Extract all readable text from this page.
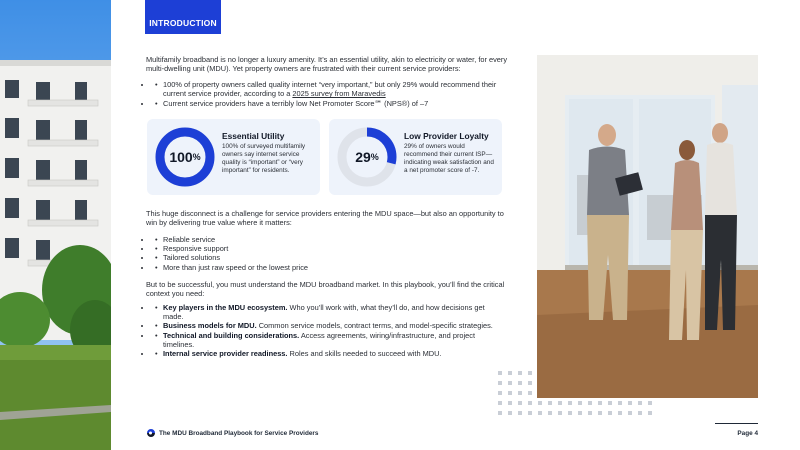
INTRODUCTION
Multifamily broadband is no longer a luxury amenity. It’s an essential utility, akin to electricity or water, for every multi-dwelling unit (MDU). Yet property owners are frustrated with their current service providers:
• • 100% of property owners called quality internet “very important,” but only 29% would recommend their current service provider, according to a 2025 survey from Maravedis
• • Current service providers have a terribly low Net Promoter Score℠ (NPS®) of –7
100 %
Essential Utility
100% of surveyed multifamily owners say internet service quality is “important” or “very important” for residents.
29 %
Low Provider Loyalty
29% of owners would recommend their current ISP—indicating weak satisfaction and a net promoter score of -7.
This huge disconnect is a challenge for service providers entering the MDU space—but also an opportunity to win by delivering true value where it matters:
• • Reliable service
• • Responsive support
• • Tailored solutions
• • More than just raw speed or the lowest price
But to be successful, you must understand the MDU broadband market. In this playbook, you’ll find the critical context you need:
• • Key players in the MDU ecosystem. Who you’ll work with, what they’ll do, and how decisions get made.
• • Business models for MDU. Common service models, contract terms, and model-specific strategies.
• • Technical and building considerations. Access agreements, wiring/infrastructure, and project timelines.
• • Internal service provider readiness. Roles and skills needed to succeed with MDU.
The MDU Broadband Playbook for Service Providers	Page 4
